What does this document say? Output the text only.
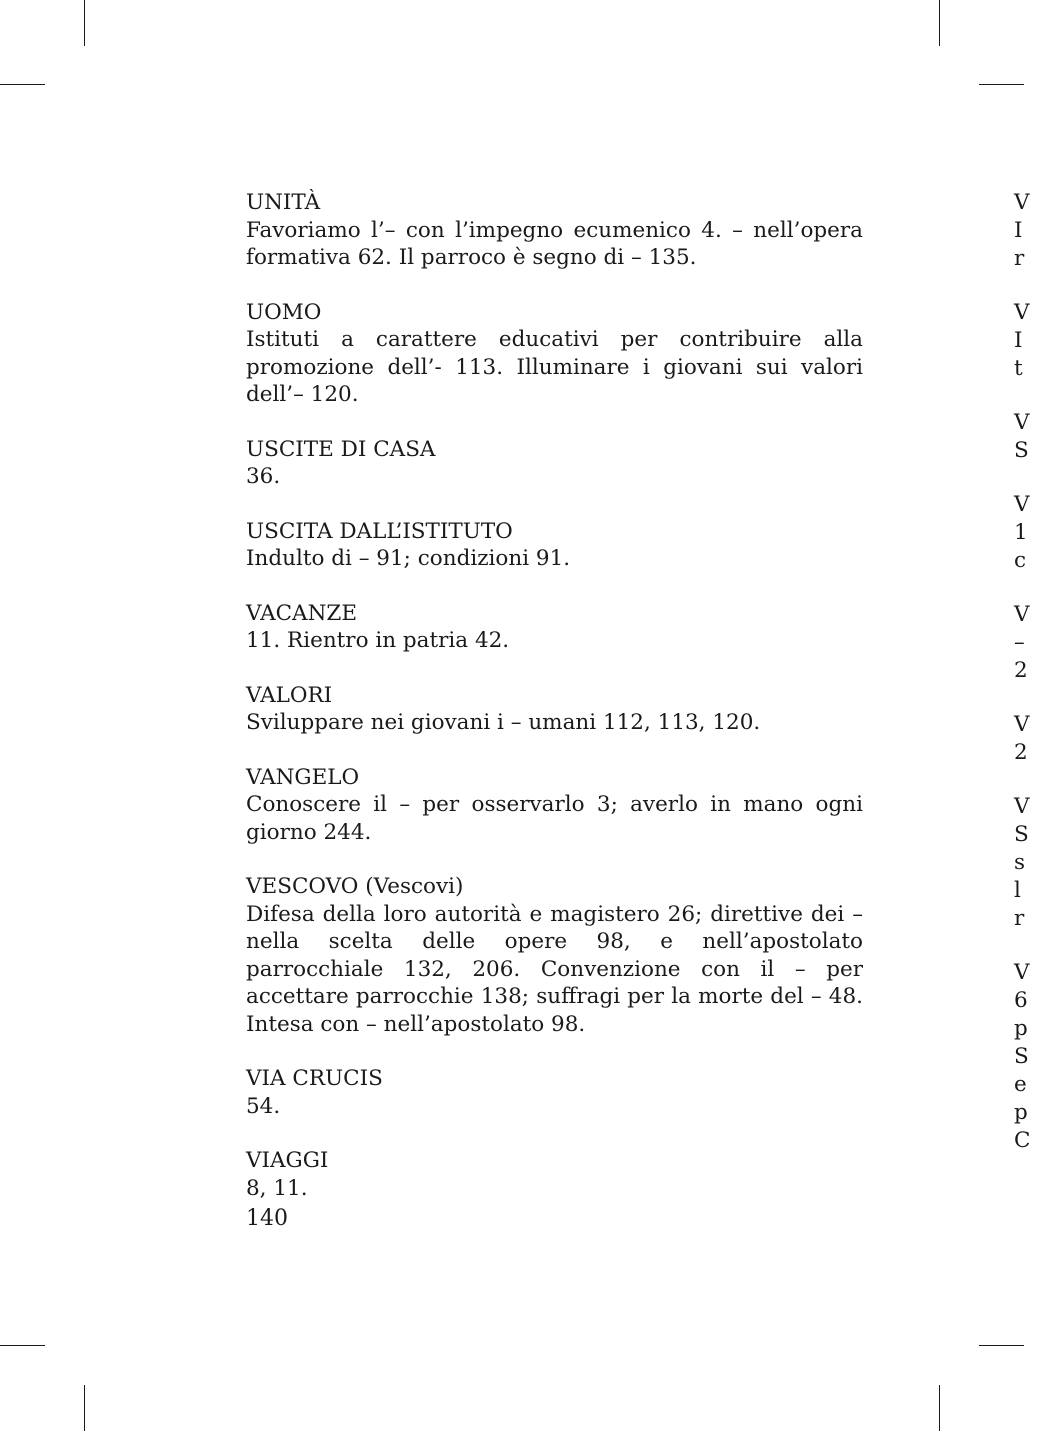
UNITÀ
Favoriamo l’– con l’impegno ecumenico 4. – nell’opera formativa 62. Il parroco è segno di – 135.
UOMO
Istituti a carattere educativi per contribuire alla promozione dell’- 113. Illuminare i giovani sui valori dell’– 120.
USCITE DI CASA
36.
USCITA DALL’ISTITUTO
Indulto di – 91; condizioni 91.
VACANZE
11. Rientro in patria 42.
VALORI
Sviluppare nei giovani i – umani 112, 113, 120.
VANGELO
Conoscere il – per osservarlo 3; averlo in mano ogni giorno 244.
VESCOVO (Vescovi)
Difesa della loro autorità e magistero 26; direttive dei – nella scelta delle opere 98, e nell’apostolato parrocchiale 132, 206. Convenzione con il – per accettare parrocchie 138; suffragi per la morte del – 48. Intesa con – nell’apostolato 98.
VIA CRUCIS
54.
VIAGGI
8, 11.
140
V
I
r
V
I
t
V
S
V
1
c
V
–
2
V
2
V
S
s
l
r
V
6
p
S
e
p
C
